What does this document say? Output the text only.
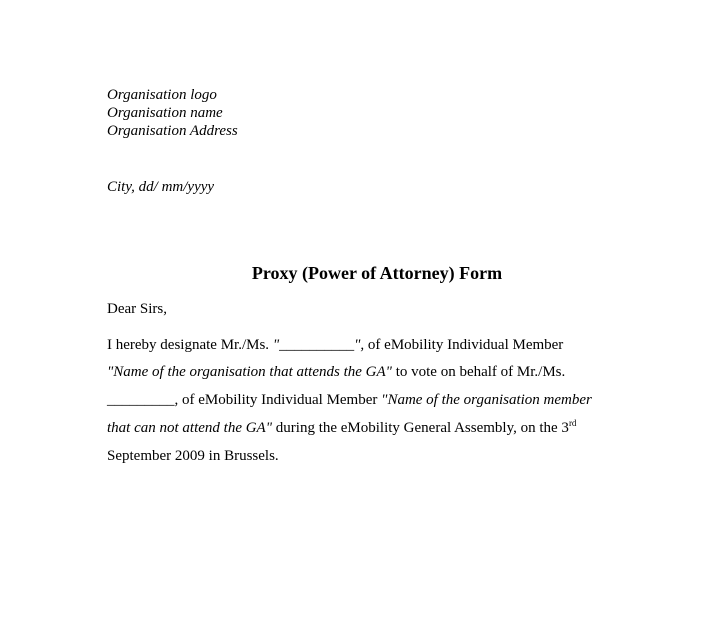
Organisation logo
Organisation name
Organisation Address
City, dd/ mm/yyyy
Proxy (Power of Attorney) Form
Dear Sirs,
I hereby designate Mr./Ms. "__________", of eMobility Individual Member
"Name of the organisation that attends the GA" to vote on behalf of Mr./Ms.
_________, of eMobility Individual Member "Name of the organisation member
that can not attend the GA" during the eMobility General Assembly, on the 3rd
September 2009 in Brussels.
